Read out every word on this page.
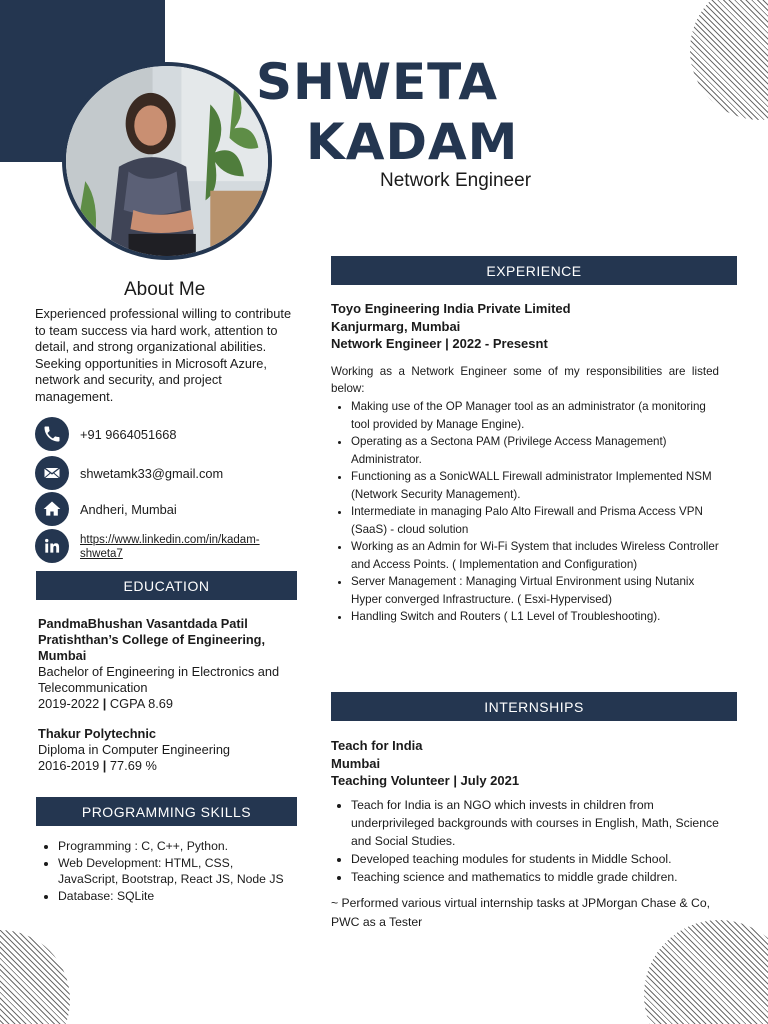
SHWETA
KADAM
Network Engineer
About Me
Experienced professional willing to contribute to team success via hard work, attention to detail, and strong organizational abilities. Seeking opportunities in Microsoft Azure, network and security, and project management.
+91 9664051668
shwetamk33@gmail.com
Andheri, Mumbai
https://www.linkedin.com/in/kadam-shweta7
EDUCATION

PandmaBhushan Vasantdada Patil Pratishthan’s College of Engineering, Mumbai

Bachelor of Engineering in Electronics and Telecommunication

2019-2022 | CGPA 8.69

Thakur Polytechnic

Diploma in Computer Engineering

2016-2019 | 77.69 %

PROGRAMMING SKILLS
• Programming : C, C++, Python.
• Web Development: HTML, CSS, JavaScript, Bootstrap, React JS, Node JS
• Database: SQLite
EXPERIENCE

Toyo Engineering India Private Limited

Kanjurmarg, Mumbai

Network Engineer | 2022 - Presesnt

Working as a Network Engineer some of my responsibilities are listed below:
• Making use of the OP Manager tool as an administrator (a monitoring tool provided by Manage Engine).
• Operating as a Sectona PAM (Privilege Access Management) Administrator.
• Functioning as a SonicWALL Firewall administrator Implemented NSM (Network Security Management).
• Intermediate in managing Palo Alto Firewall and Prisma Access VPN (SaaS) - cloud solution
• Working as an Admin for Wi-Fi System that includes Wireless Controller and Access Points. ( Implementation and Configuration)
• Server Management : Managing Virtual Environment using Nutanix Hyper converged Infrastructure. ( Esxi-Hypervised)
• Handling Switch and Routers ( L1 Level of Troubleshooting).
INTERNSHIPS

Teach for India

Mumbai

Teaching Volunteer | July 2021

• Teach for India is an NGO which invests in children from underprivileged backgrounds with courses in English, Math, Science and Social Studies.
• Developed teaching modules for students in Middle School.
• Teaching science and mathematics to middle grade children.
~ Performed various virtual internship tasks at JPMorgan Chase & Co, PWC as a Tester
